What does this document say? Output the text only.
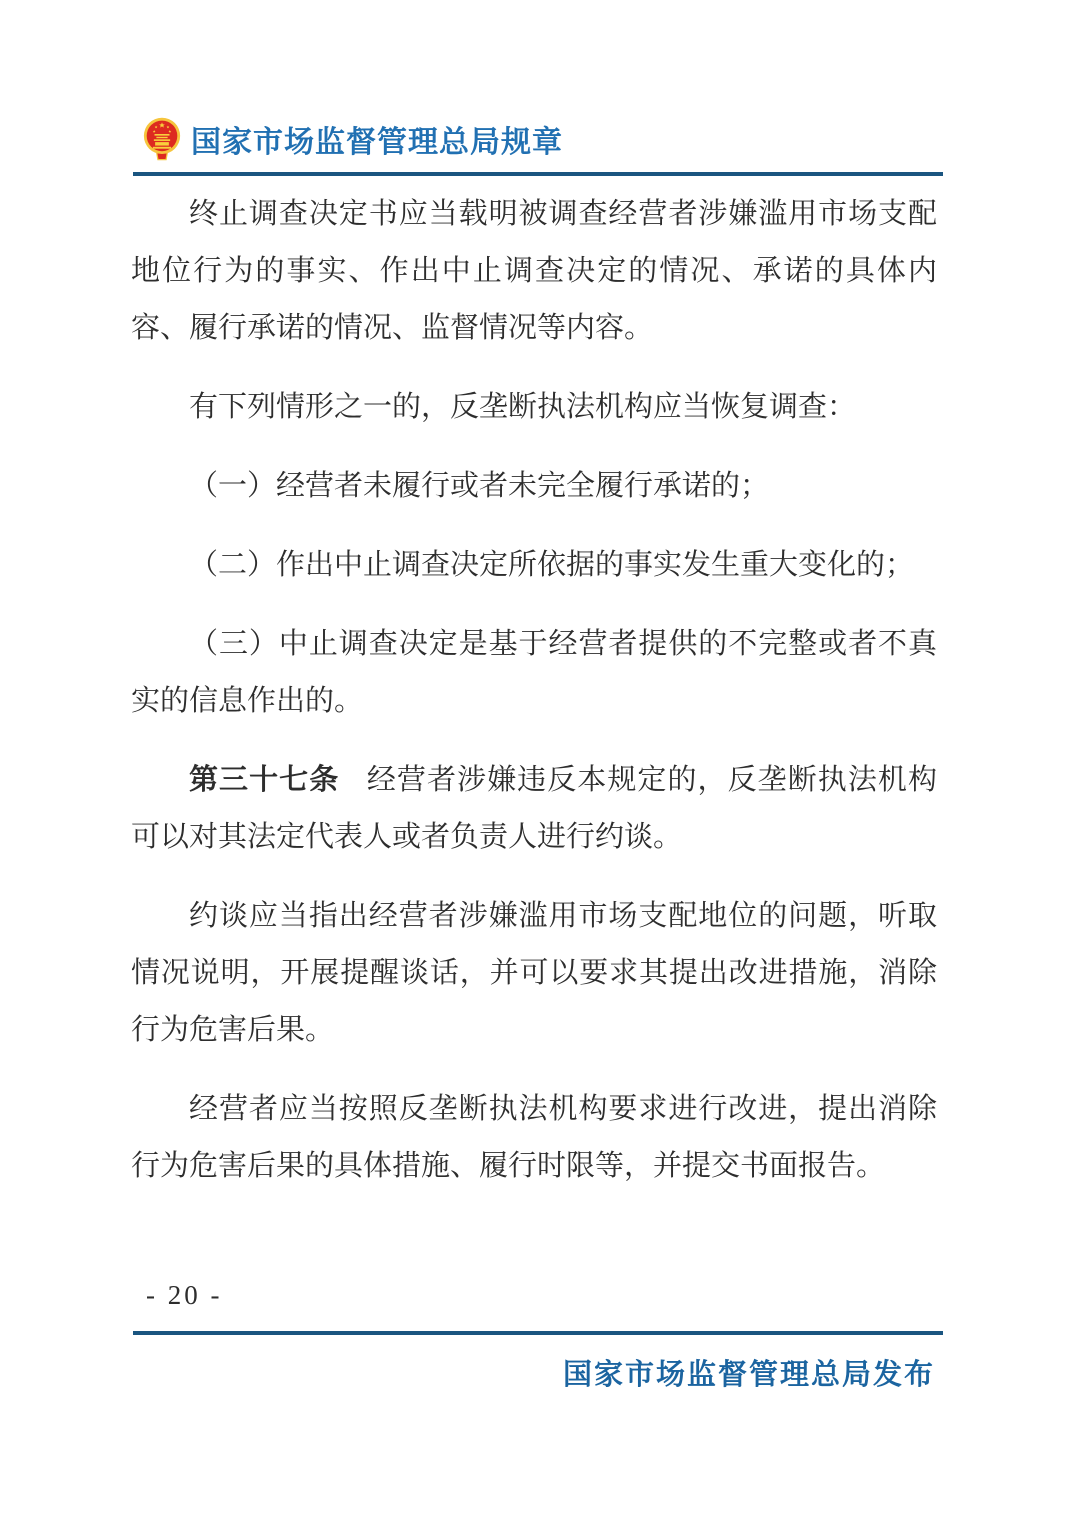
国家市场监督管理总局规章

终止调查决定书应当载明被调查经营者涉嫌滥用市场支配地位行为的事实、作出中止调查决定的情况、承诺的具体内容、履行承诺的情况、监督情况等内容。

有下列情形之一的，反垄断执法机构应当恢复调查：

（一）经营者未履行或者未完全履行承诺的；

（二）作出中止调查决定所依据的事实发生重大变化的；

（三）中止调查决定是基于经营者提供的不完整或者不真实的信息作出的。

第三十七条 经营者涉嫌违反本规定的，反垄断执法机构可以对其法定代表人或者负责人进行约谈。

约谈应当指出经营者涉嫌滥用市场支配地位的问题，听取情况说明，开展提醒谈话，并可以要求其提出改进措施，消除行为危害后果。

经营者应当按照反垄断执法机构要求进行改进，提出消除行为危害后果的具体措施、履行时限等，并提交书面报告。

- 20 -
国家市场监督管理总局发布
